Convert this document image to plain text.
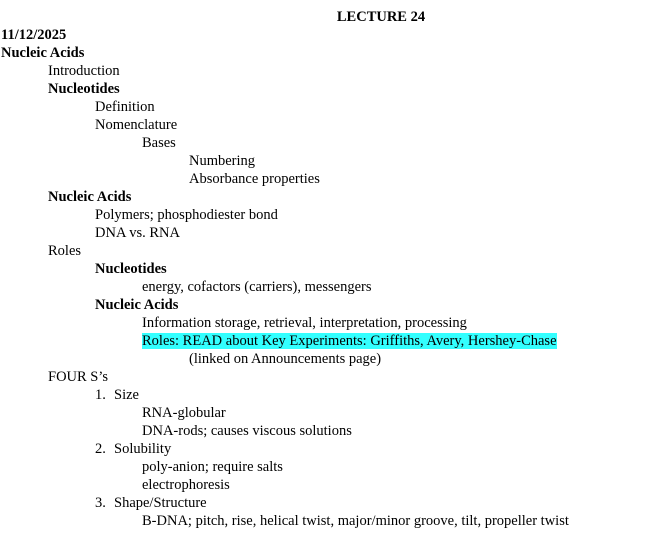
LECTURE 24
11/12/2025
Nucleic Acids
Introduction
Nucleotides
Definition
Nomenclature
Bases
Numbering
Absorbance properties
Nucleic Acids
Polymers; phosphodiester bond
DNA vs. RNA
Roles
Nucleotides
energy, cofactors (carriers), messengers
Nucleic Acids
Information storage, retrieval, interpretation, processing
Roles: READ about Key Experiments: Griffiths, Avery, Hershey-Chase
(linked on Announcements page)
FOUR S’s
1. Size
RNA-globular
DNA-rods; causes viscous solutions
2. Solubility
poly-anion; require salts
electrophoresis
3. Shape/Structure
B-DNA; pitch, rise, helical twist, major/minor groove, tilt, propeller twist
